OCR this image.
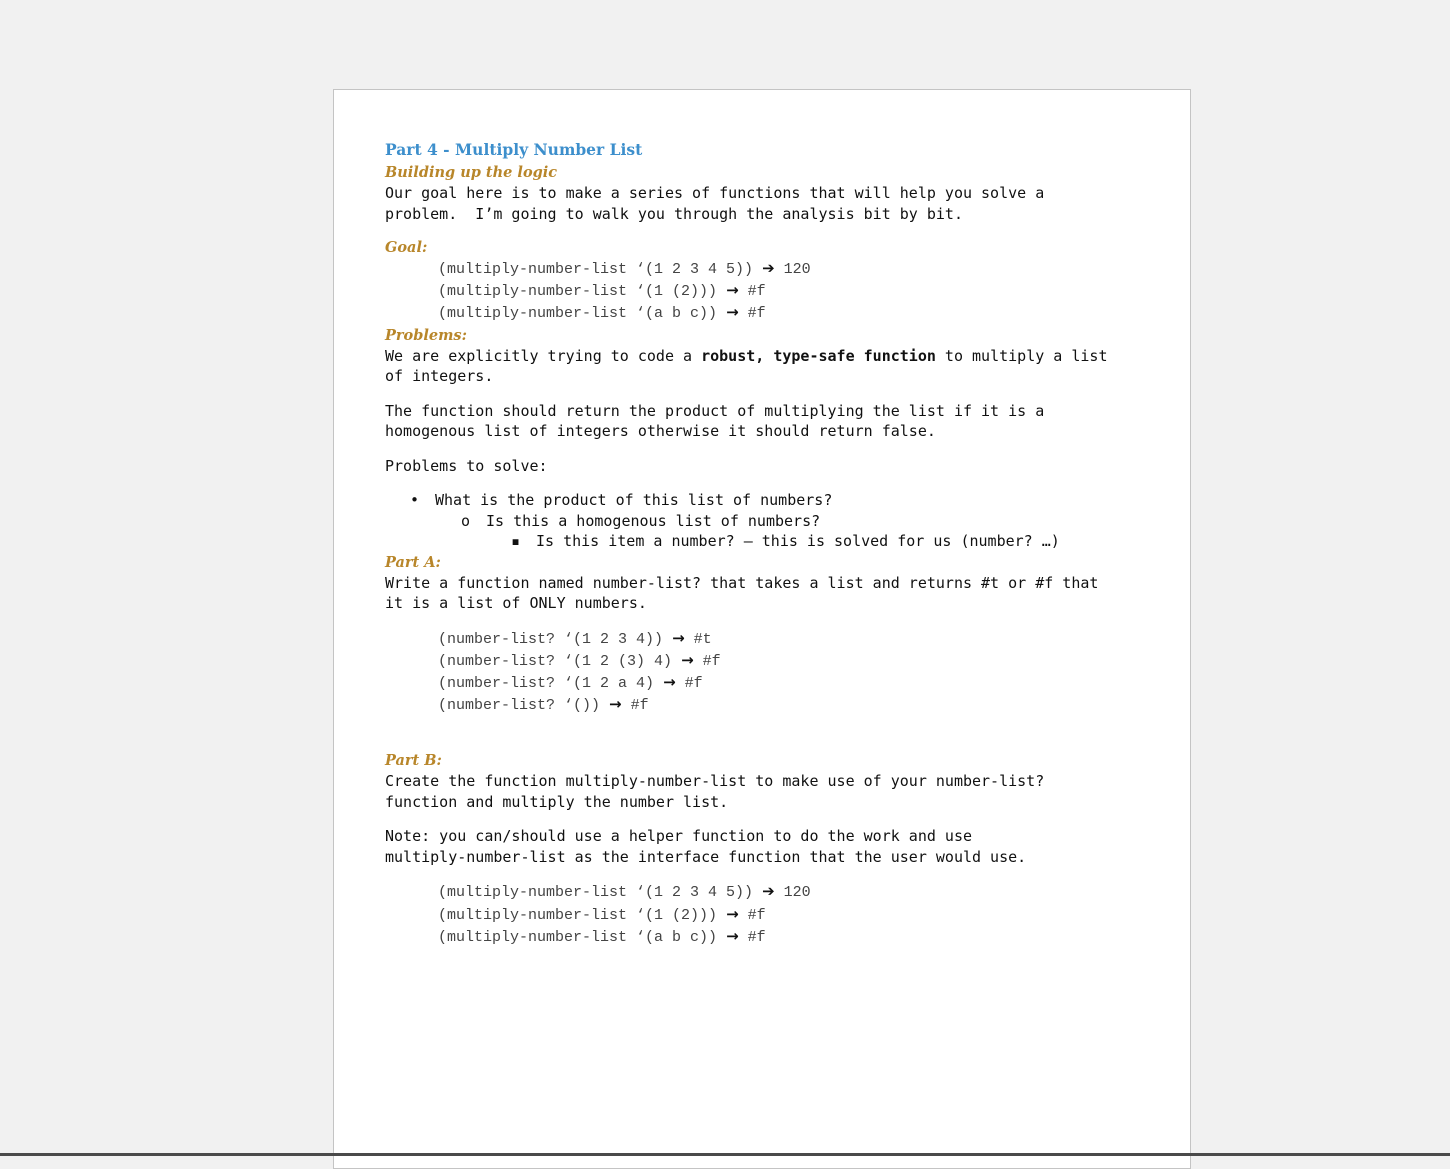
Part 4 - Multiply Number List
Building up the logic

Our goal here is to make a series of functions that will help you solve a

problem.  I’m going to walk you through the analysis bit by bit.

Goal:
(multiply-number-list ‘(1 2 3 4 5)) ➔ 120
(multiply-number-list ‘(1 (2))) → #f
(multiply-number-list ‘(a b c)) → #f
Problems:

We are explicitly trying to code a robust, type-safe function to multiply a list

of integers.

The function should return the product of multiplying the list if it is a

homogenous list of integers otherwise it should return false.

Problems to solve:

• What is the product of this list of numbers?
o Is this a homogenous list of numbers?
▪ Is this item a number? – this is solved for us (number? …)
Part A:

Write a function named number-list? that takes a list and returns #t or #f that

it is a list of ONLY numbers.

(number-list? ‘(1 2 3 4)) → #t
(number-list? ‘(1 2 (3) 4) → #f
(number-list? ‘(1 2 a 4) → #f
(number-list? ‘()) → #f
Part B:

Create the function multiply-number-list to make use of your number-list?

function and multiply the number list.

Note: you can/should use a helper function to do the work and use

multiply-number-list as the interface function that the user would use.

(multiply-number-list ‘(1 2 3 4 5)) ➔ 120
(multiply-number-list ‘(1 (2))) → #f
(multiply-number-list ‘(a b c)) → #f
